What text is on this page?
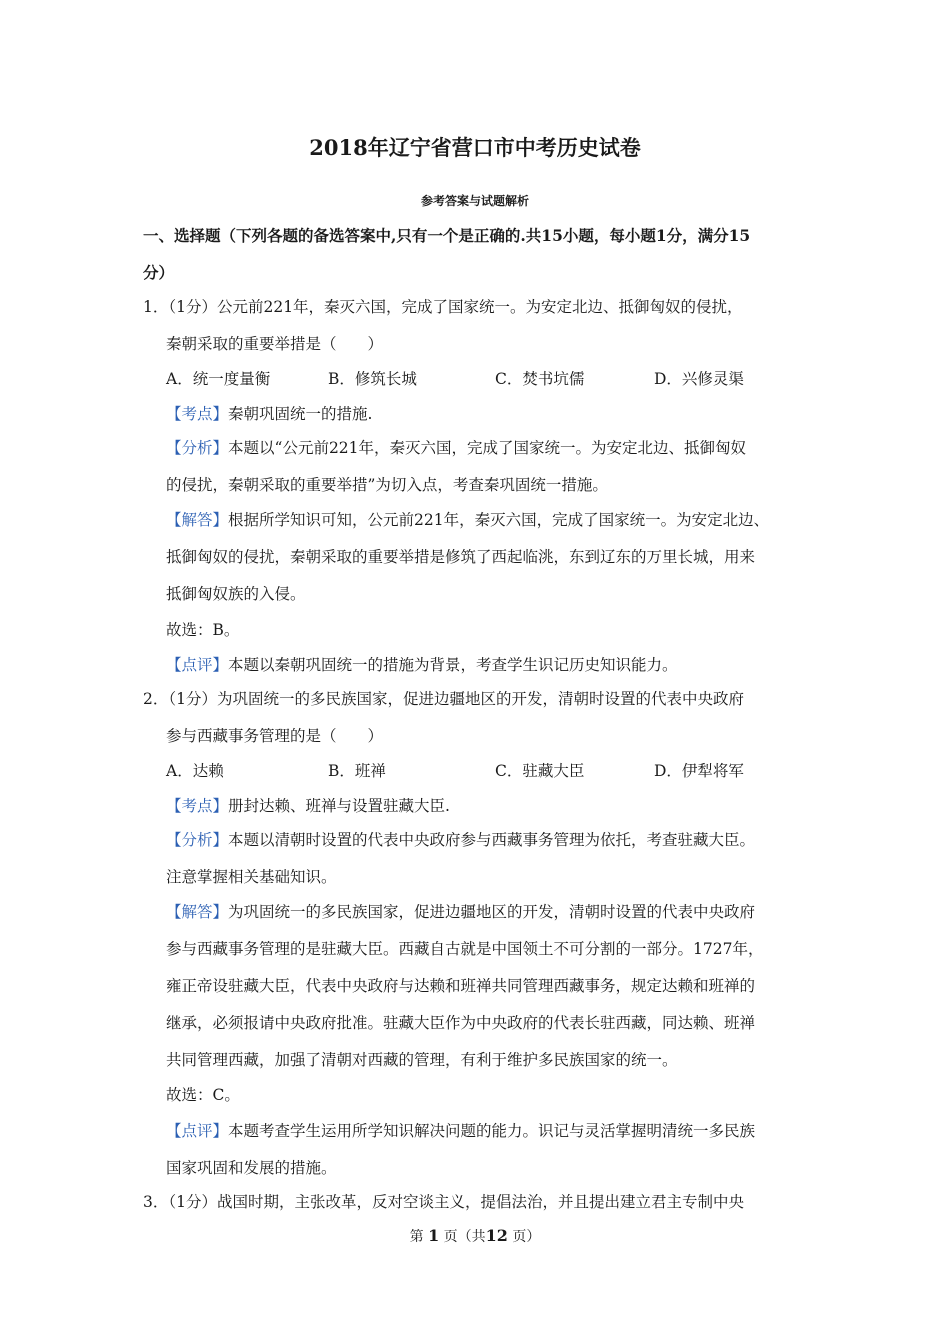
2018年辽宁省营口市中考历史试卷
参考答案与试题解析
一、选择题（下列各题的备选答案中,只有一个是正确的.共15小题，每小题1分，满分15
分）
1．（1分）公元前221年，秦灭六国，完成了国家统一。为安定北边、抵御匈奴的侵扰，
秦朝采取的重要举措是（　　）
A．统一度量衡	B．修筑长城	C．焚书坑儒	D．兴修灵渠
【考点】秦朝巩固统一的措施.
【分析】本题以“公元前221年，秦灭六国，完成了国家统一。为安定北边、抵御匈奴
的侵扰，秦朝采取的重要举措”为切入点，考查秦巩固统一措施。
【解答】根据所学知识可知，公元前221年，秦灭六国，完成了国家统一。为安定北边、
抵御匈奴的侵扰，秦朝采取的重要举措是修筑了西起临洮，东到辽东的万里长城，用来
抵御匈奴族的入侵。
故选：B。
【点评】本题以秦朝巩固统一的措施为背景，考查学生识记历史知识能力。
2．（1分）为巩固统一的多民族国家，促进边疆地区的开发，清朝时设置的代表中央政府
参与西藏事务管理的是（　　）
A．达赖	B．班禅	C．驻藏大臣	D．伊犁将军
【考点】册封达赖、班禅与设置驻藏大臣.
【分析】本题以清朝时设置的代表中央政府参与西藏事务管理为依托，考查驻藏大臣。
注意掌握相关基础知识。
【解答】为巩固统一的多民族国家，促进边疆地区的开发，清朝时设置的代表中央政府
参与西藏事务管理的是驻藏大臣。西藏自古就是中国领土不可分割的一部分。1727年，
雍正帝设驻藏大臣，代表中央政府与达赖和班禅共同管理西藏事务，规定达赖和班禅的
继承，必须报请中央政府批准。驻藏大臣作为中央政府的代表长驻西藏，同达赖、班禅
共同管理西藏，加强了清朝对西藏的管理，有利于维护多民族国家的统一。
故选：C。
【点评】本题考查学生运用所学知识解决问题的能力。识记与灵活掌握明清统一多民族
国家巩固和发展的措施。
3．（1分）战国时期，主张改革，反对空谈主义，提倡法治，并且提出建立君主专制中央
第 1 页（共12 页）
